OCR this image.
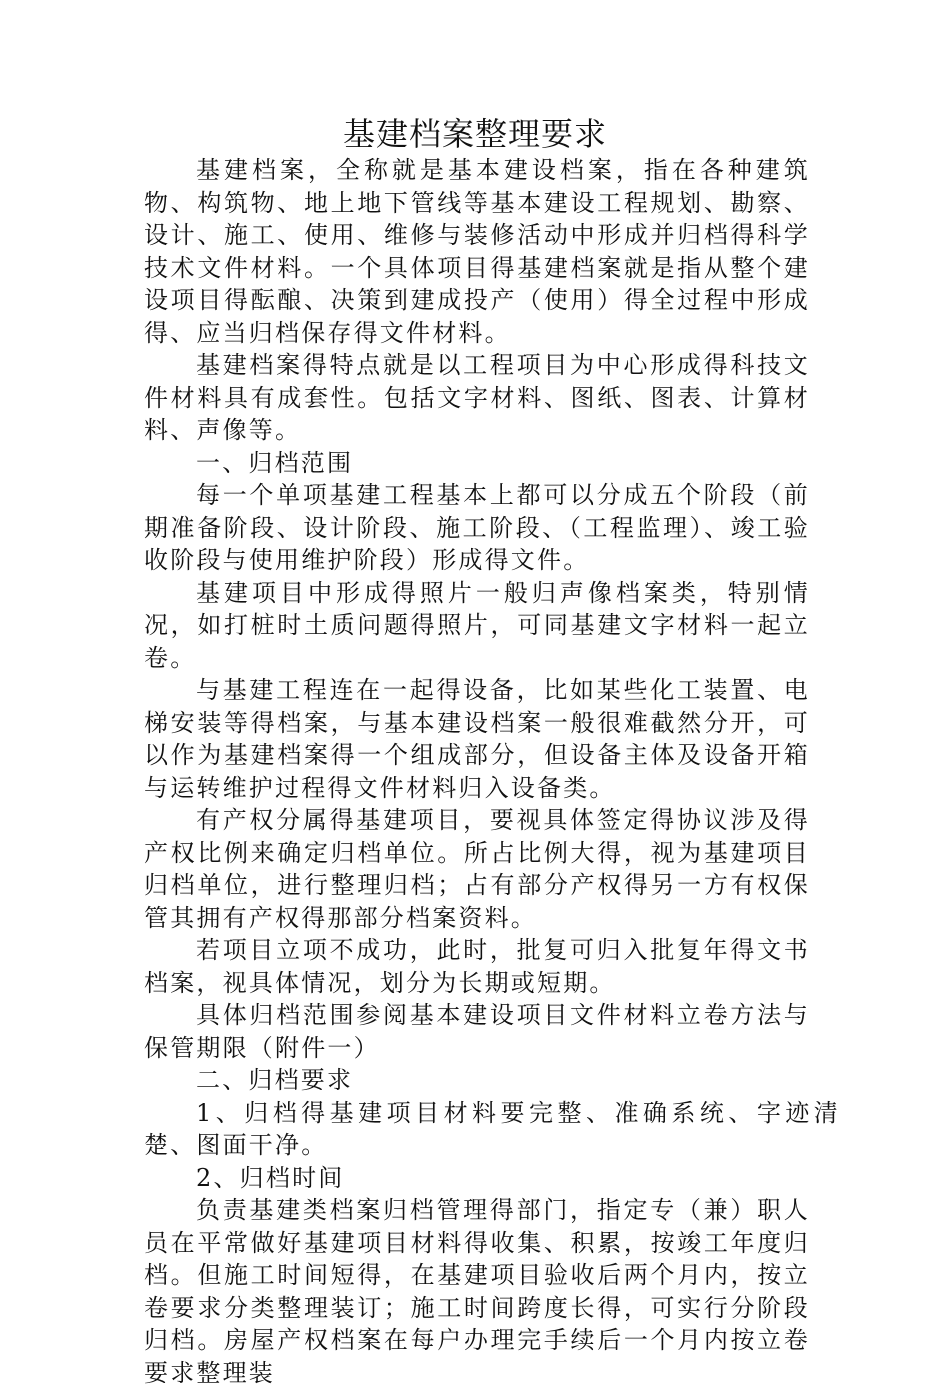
基建档案整理要求

基建档案，全称就是基本建设档案，指在各种建筑物、构筑物、地上地下管线等基本建设工程规划、勘察、设计、施工、使用、维修与装修活动中形成并归档得科学技术文件材料。一个具体项目得基建档案就是指从整个建设项目得酝酿、决策到建成投产（使用）得全过程中形成得、应当归档保存得文件材料。

基建档案得特点就是以工程项目为中心形成得科技文件材料具有成套性。包括文字材料、图纸、图表、计算材料、声像等。

一、归档范围

每一个单项基建工程基本上都可以分成五个阶段（前期准备阶段、设计阶段、施工阶段、（工程监理）、竣工验收阶段与使用维护阶段）形成得文件。

基建项目中形成得照片一般归声像档案类，特别情况，如打桩时土质问题得照片，可同基建文字材料一起立卷。

与基建工程连在一起得设备，比如某些化工装置、电梯安装等得档案，与基本建设档案一般很难截然分开，可以作为基建档案得一个组成部分，但设备主体及设备开箱与运转维护过程得文件材料归入设备类。

有产权分属得基建项目，要视具体签定得协议涉及得产权比例来确定归档单位。所占比例大得，视为基建项目归档单位，进行整理归档；占有部分产权得另一方有权保管其拥有产权得那部分档案资料。

若项目立项不成功，此时，批复可归入批复年得文书档案，视具体情况，划分为长期或短期。

具体归档范围参阅基本建设项目文件材料立卷方法与保管期限（附件一）

二、归档要求

1、归档得基建项目材料要完整、准确系统、字迹清楚、图面干净。

2、归档时间

负责基建类档案归档管理得部门，指定专（兼）职人员在平常做好基建项目材料得收集、积累，按竣工年度归档。但施工时间短得，在基建项目验收后两个月内，按立卷要求分类整理装订；施工时间跨度长得，可实行分阶段归档。房屋产权档案在每户办理完手续后一个月内按立卷要求整理装
